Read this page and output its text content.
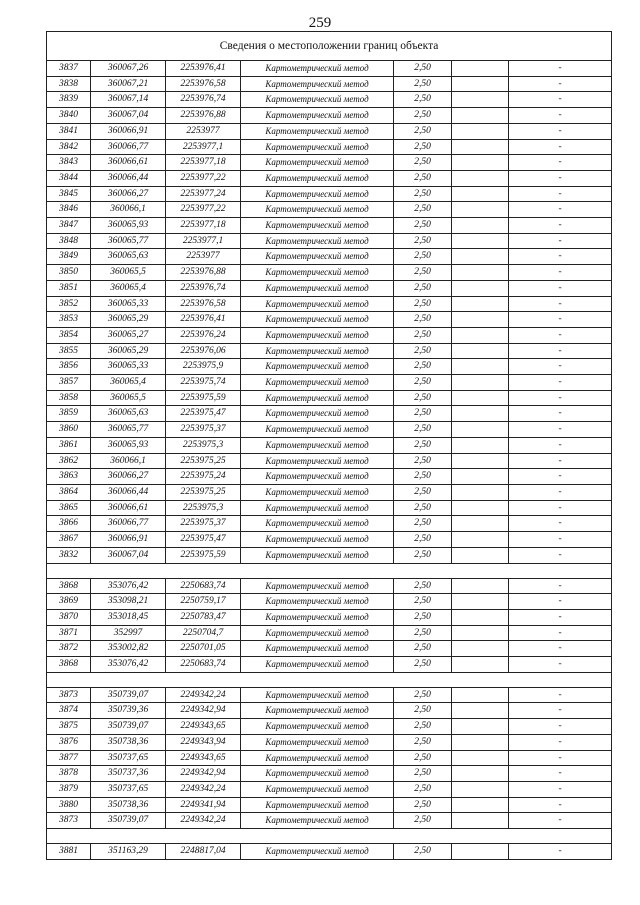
259
Сведения о местоположении границ объекта						
3837	360067,26	2253976,41	Картометрический метод	2,50		-
3838	360067,21	2253976,58	Картометрический метод	2,50		-
3839	360067,14	2253976,74	Картометрический метод	2,50		-
3840	360067,04	2253976,88	Картометрический метод	2,50		-
3841	360066,91	2253977	Картометрический метод	2,50		-
3842	360066,77	2253977,1	Картометрический метод	2,50		-
3843	360066,61	2253977,18	Картометрический метод	2,50		-
3844	360066,44	2253977,22	Картометрический метод	2,50		-
3845	360066,27	2253977,24	Картометрический метод	2,50		-
3846	360066,1	2253977,22	Картометрический метод	2,50		-
3847	360065,93	2253977,18	Картометрический метод	2,50		-
3848	360065,77	2253977,1	Картометрический метод	2,50		-
3849	360065,63	2253977	Картометрический метод	2,50		-
3850	360065,5	2253976,88	Картометрический метод	2,50		-
3851	360065,4	2253976,74	Картометрический метод	2,50		-
3852	360065,33	2253976,58	Картометрический метод	2,50		-
3853	360065,29	2253976,41	Картометрический метод	2,50		-
3854	360065,27	2253976,24	Картометрический метод	2,50		-
3855	360065,29	2253976,06	Картометрический метод	2,50		-
3856	360065,33	2253975,9	Картометрический метод	2,50		-
3857	360065,4	2253975,74	Картометрический метод	2,50		-
3858	360065,5	2253975,59	Картометрический метод	2,50		-
3859	360065,63	2253975,47	Картометрический метод	2,50		-
3860	360065,77	2253975,37	Картометрический метод	2,50		-
3861	360065,93	2253975,3	Картометрический метод	2,50		-
3862	360066,1	2253975,25	Картометрический метод	2,50		-
3863	360066,27	2253975,24	Картометрический метод	2,50		-
3864	360066,44	2253975,25	Картометрический метод	2,50		-
3865	360066,61	2253975,3	Картометрический метод	2,50		-
3866	360066,77	2253975,37	Картометрический метод	2,50		-
3867	360066,91	2253975,47	Картометрический метод	2,50		-
3832	360067,04	2253975,59	Картометрический метод	2,50		-

3868	353076,42	2250683,74	Картометрический метод	2,50		-
3869	353098,21	2250759,17	Картометрический метод	2,50		-
3870	353018,45	2250783,47	Картометрический метод	2,50		-
3871	352997	2250704,7	Картометрический метод	2,50		-
3872	353002,82	2250701,05	Картометрический метод	2,50		-
3868	353076,42	2250683,74	Картометрический метод	2,50		-

3873	350739,07	2249342,24	Картометрический метод	2,50		-
3874	350739,36	2249342,94	Картометрический метод	2,50		-
3875	350739,07	2249343,65	Картометрический метод	2,50		-
3876	350738,36	2249343,94	Картометрический метод	2,50		-
3877	350737,65	2249343,65	Картометрический метод	2,50		-
3878	350737,36	2249342,94	Картометрический метод	2,50		-
3879	350737,65	2249342,24	Картометрический метод	2,50		-
3880	350738,36	2249341,94	Картометрический метод	2,50		-
3873	350739,07	2249342,24	Картометрический метод	2,50		-

3881	351163,29	2248817,04	Картометрический метод	2,50		-
